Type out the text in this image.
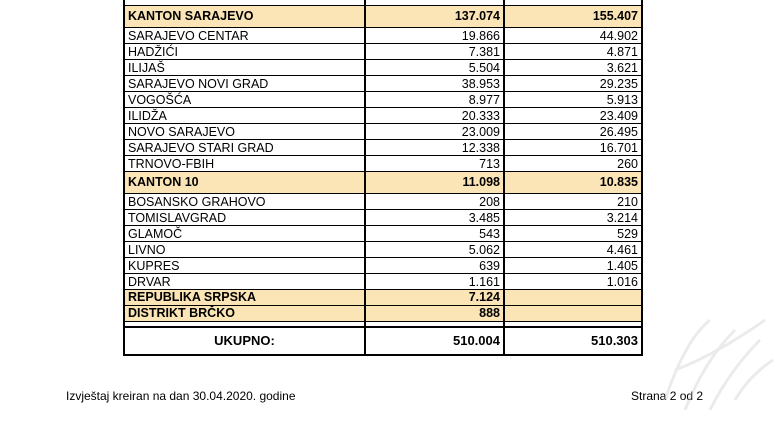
KANTON SARAJEVO	137.074	155.407
SARAJEVO CENTAR	19.866	44.902
HADŽIĆI	7.381	4.871
ILIJAŠ	5.504	3.621
SARAJEVO NOVI GRAD	38.953	29.235
VOGOŠĆA	8.977	5.913
ILIDŽA	20.333	23.409
NOVO SARAJEVO	23.009	26.495
SARAJEVO STARI GRAD	12.338	16.701
TRNOVO-FBIH	713	260
KANTON 10	11.098	10.835
BOSANSKO GRAHOVO	208	210
TOMISLAVGRAD	3.485	3.214
GLAMOČ	543	529
LIVNO	5.062	4.461
KUPRES	639	1.405
DRVAR	1.161	1.016
REPUBLIKA SRPSKA	7.124	
DISTRIKT BRČKO	888	

UKUPNO:	510.004	510.303
Izvještaj kreiran na dan 30.04.2020. godine	Strana 2 od 2
